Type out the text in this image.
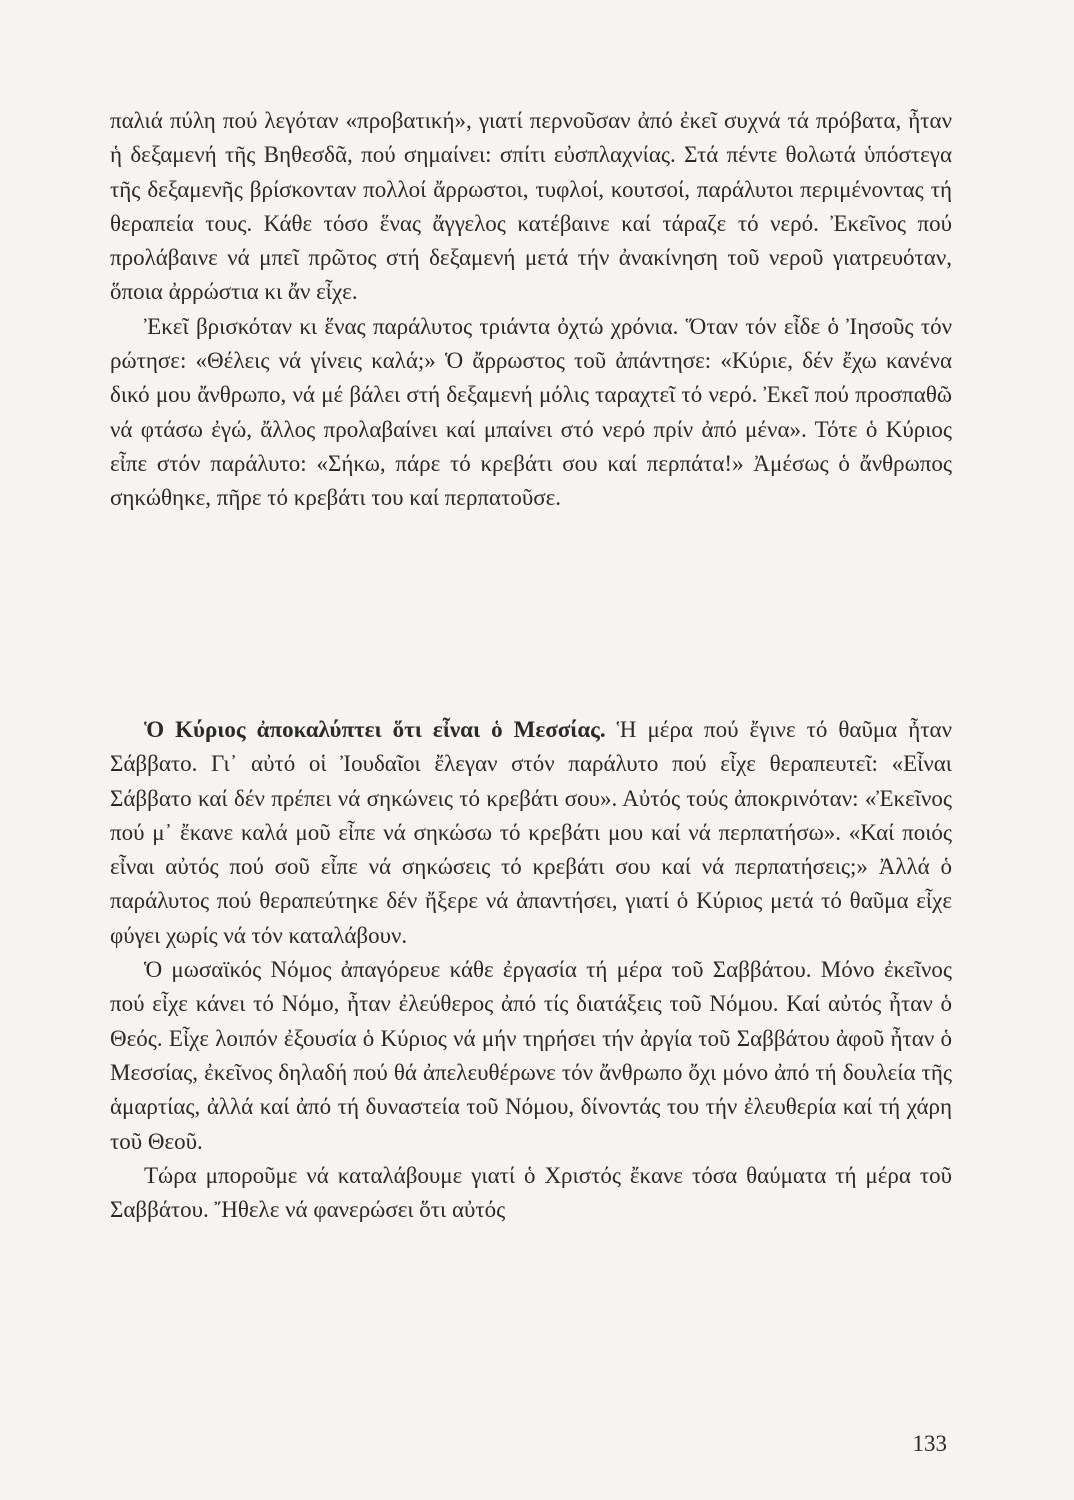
παλιά πύλη πού λεγόταν «προβατική», γιατί περνοῦσαν ἀπό ἐκεῖ συχνά τά πρόβατα, ἦταν ἡ δεξαμενή τῆς Βηθεσδᾶ, πού σημαίνει: σπίτι εὐσπλαχνίας. Στά πέντε θολωτά ὑπόστεγα τῆς δεξαμενῆς βρίσκονταν πολλοί ἄρρωστοι, τυφλοί, κουτσοί, παράλυτοι περιμένοντας τή θεραπεία τους. Κάθε τόσο ἕνας ἄγγελος κατέβαινε καί τάραζε τό νερό. Ἐκεῖνος πού προλάβαινε νά μπεῖ πρῶτος στή δεξαμενή μετά τήν ἀνακίνηση τοῦ νεροῦ γιατρευόταν, ὅποια ἀρρώστια κι ἄν εἶχε.

Ἐκεῖ βρισκόταν κι ἕνας παράλυτος τριάντα ὀχτώ χρόνια. Ὅταν τόν εἶδε ὁ Ἰησοῦς τόν ρώτησε: «Θέλεις νά γίνεις καλά;» Ὁ ἄρρωστος τοῦ ἀπάντησε: «Κύριε, δέν ἔχω κανένα δικό μου ἄνθρωπο, νά μέ βάλει στή δεξαμενή μόλις ταραχτεῖ τό νερό. Ἐκεῖ πού προσπαθῶ νά φτάσω ἐγώ, ἄλλος προλαβαίνει καί μπαίνει στό νερό πρίν ἀπό μένα». Τότε ὁ Κύριος εἶπε στόν παράλυτο: «Σήκω, πάρε τό κρεβάτι σου καί περπάτα!» Ἀμέσως ὁ ἄνθρωπος σηκώθηκε, πῆρε τό κρεβάτι του καί περπατοῦσε.

Ὁ Κύριος ἀποκαλύπτει ὅτι εἶναι ὁ Μεσσίας. Ἡ μέρα πού ἔγινε τό θαῦμα ἦταν Σάββατο. Γι᾿ αὐτό οἱ Ἰουδαῖοι ἔλεγαν στόν παράλυτο πού εἶχε θεραπευτεῖ: «Εἶναι Σάββατο καί δέν πρέπει νά σηκώνεις τό κρεβάτι σου». Αὐτός τούς ἀποκρινόταν: «Ἐκεῖνος πού μ᾿ ἔκανε καλά μοῦ εἶπε νά σηκώσω τό κρεβάτι μου καί νά περπατήσω». «Καί ποιός εἶναι αὐτός πού σοῦ εἶπε νά σηκώσεις τό κρεβάτι σου καί νά περπατήσεις;» Ἀλλά ὁ παράλυτος πού θεραπεύτηκε δέν ἤξερε νά ἀπαντήσει, γιατί ὁ Κύριος μετά τό θαῦμα εἶχε φύγει χωρίς νά τόν καταλάβουν.

Ὁ μωσαϊκός Νόμος ἀπαγόρευε κάθε ἐργασία τή μέρα τοῦ Σαββάτου. Μόνο ἐκεῖνος πού εἶχε κάνει τό Νόμο, ἦταν ἐλεύθερος ἀπό τίς διατάξεις τοῦ Νόμου. Καί αὐτός ἦταν ὁ Θεός. Εἶχε λοιπόν ἐξουσία ὁ Κύριος νά μήν τηρήσει τήν ἀργία τοῦ Σαββάτου ἀφοῦ ἦταν ὁ Μεσσίας, ἐκεῖνος δηλαδή πού θά ἀπελευθέρωνε τόν ἄνθρωπο ὄχι μόνο ἀπό τή δουλεία τῆς ἁμαρτίας, ἀλλά καί ἀπό τή δυναστεία τοῦ Νόμου, δίνοντάς του τήν ἐλευθερία καί τή χάρη τοῦ Θεοῦ.

Τώρα μποροῦμε νά καταλάβουμε γιατί ὁ Χριστός ἔκανε τόσα θαύματα τή μέρα τοῦ Σαββάτου. Ἤθελε νά φανερώσει ὅτι αὐτός

133
